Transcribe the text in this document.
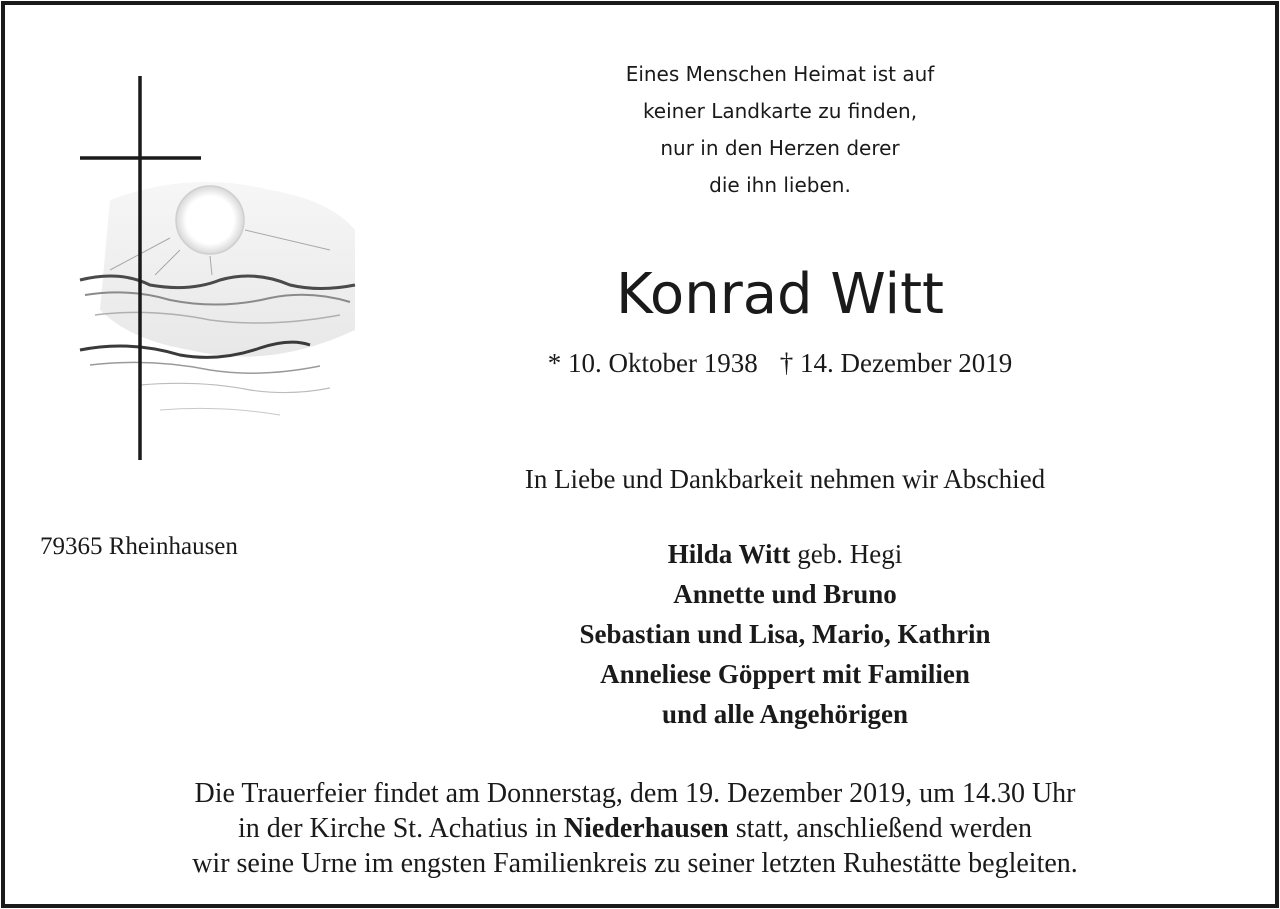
Eines Menschen Heimat ist auf
keiner Landkarte zu finden,
nur in den Herzen derer
die ihn lieben.
Konrad Witt
* 10. Oktober 1938 † 14. Dezember 2019
In Liebe und Dankbarkeit nehmen wir Abschied
79365 Rheinhausen	Hilda Witt geb. Hegi
Annette und Bruno
Sebastian und Lisa, Mario, Kathrin
Anneliese Göppert mit Familien
und alle Angehörigen
Die Trauerfeier findet am Donnerstag, dem 19. Dezember 2019, um 14.30 Uhr
in der Kirche St. Achatius in Niederhausen statt, anschließend werden
wir seine Urne im engsten Familienkreis zu seiner letzten Ruhestätte begleiten.
